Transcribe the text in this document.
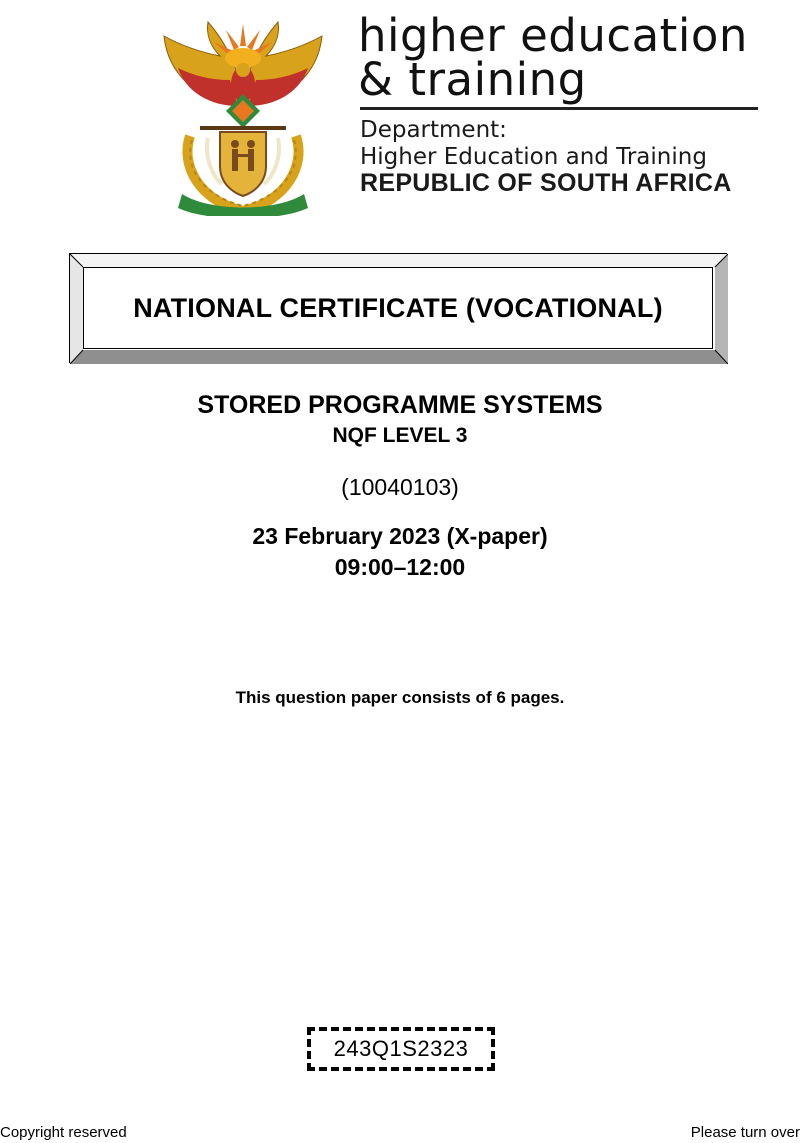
higher education
& training
Department:
Higher Education and Training
REPUBLIC OF SOUTH AFRICA
NATIONAL CERTIFICATE (VOCATIONAL)
STORED PROGRAMME SYSTEMS
NQF LEVEL 3
(10040103)
23 February 2023 (X-paper)
09:00–12:00
This question paper consists of 6 pages.
243Q1S2323
Copyright reserved	Please turn over
